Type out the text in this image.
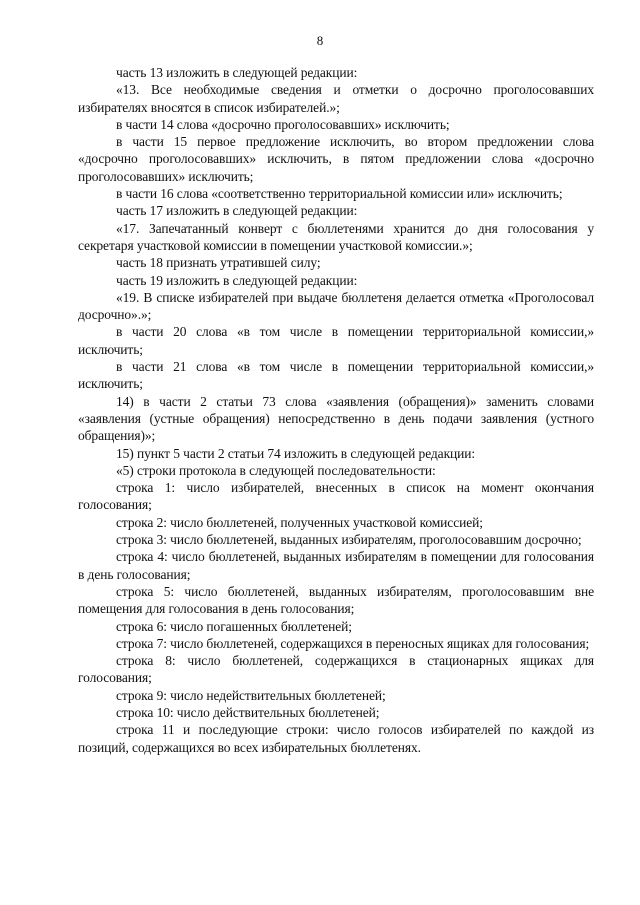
8

часть 13 изложить в следующей редакции:

«13. Все необходимые сведения и отметки о досрочно проголосовавших избирателях вносятся в список избирателей.»;

в части 14 слова «досрочно проголосовавших» исключить;

в части 15 первое предложение исключить, во втором предложении слова «досрочно проголосовавших» исключить, в пятом предложении слова «досрочно проголосовавших» исключить;

в части 16 слова «соответственно территориальной комиссии или» исключить;

часть 17 изложить в следующей редакции:

«17. Запечатанный конверт с бюллетенями хранится до дня голосования у секретаря участковой комиссии в помещении участковой комиссии.»;

часть 18 признать утратившей силу;

часть 19 изложить в следующей редакции:

«19. В списке избирателей при выдаче бюллетеня делается отметка «Проголосовал досрочно».»;

в части 20 слова «в том числе в помещении территориальной комиссии,» исключить;

в части 21 слова «в том числе в помещении территориальной комиссии,» исключить;

14) в части 2 статьи 73 слова «заявления (обращения)» заменить словами «заявления (устные обращения) непосредственно в день подачи заявления (устного обращения)»;

15) пункт 5 части 2 статьи 74 изложить в следующей редакции:

«5) строки протокола в следующей последовательности:

строка 1: число избирателей, внесенных в список на момент окончания голосования;

строка 2: число бюллетеней, полученных участковой комиссией;

строка 3: число бюллетеней, выданных избирателям, проголосовавшим досрочно;

строка 4: число бюллетеней, выданных избирателям в помещении для голосования в день голосования;

строка 5: число бюллетеней, выданных избирателям, проголосовавшим вне помещения для голосования в день голосования;

строка 6: число погашенных бюллетеней;

строка 7: число бюллетеней, содержащихся в переносных ящиках для голосования;

строка 8: число бюллетеней, содержащихся в стационарных ящиках для голосования;

строка 9: число недействительных бюллетеней;

строка 10: число действительных бюллетеней;

строка 11 и последующие строки: число голосов избирателей по каждой из позиций, содержащихся во всех избирательных бюллетенях.
